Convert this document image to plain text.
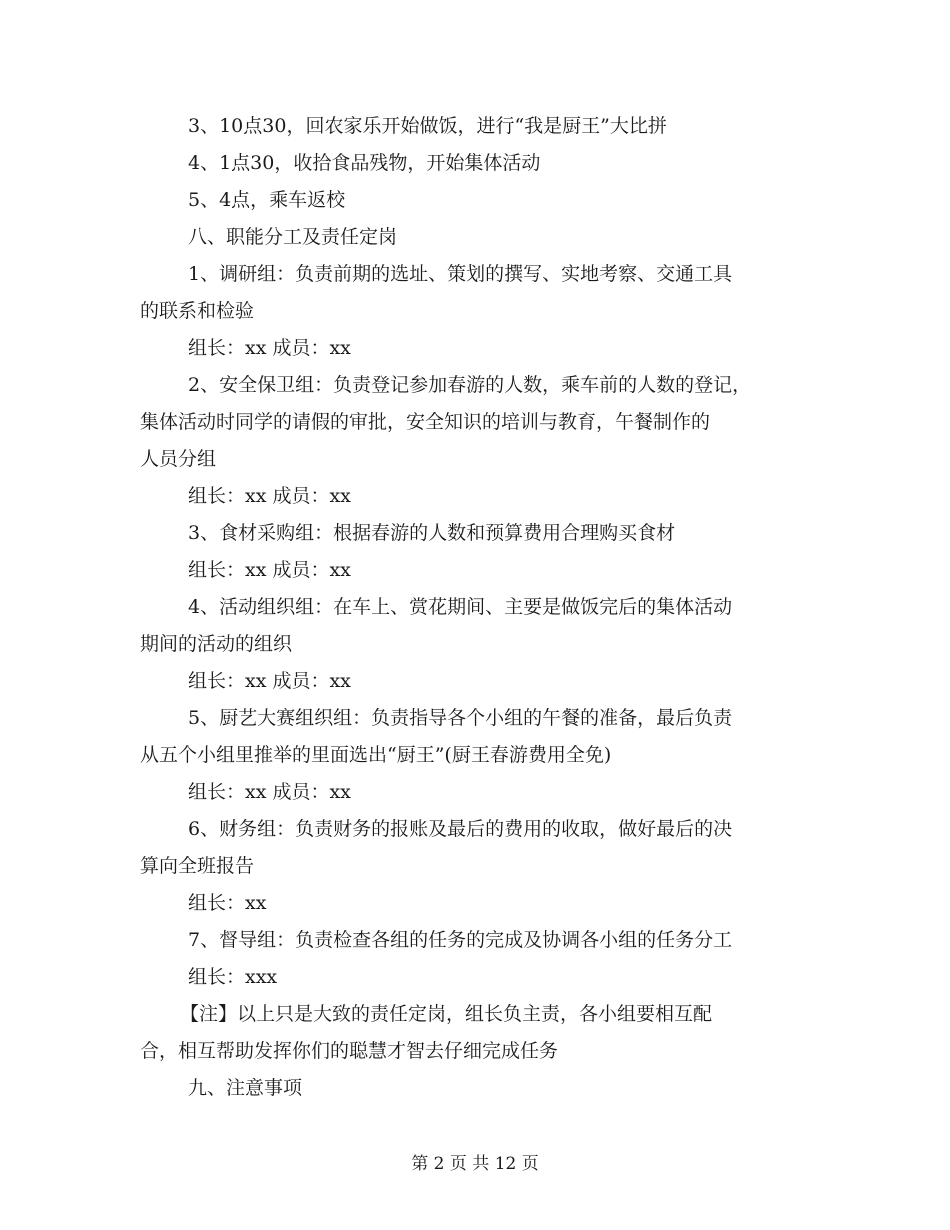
3、10点30，回农家乐开始做饭，进行“我是厨王”大比拼
4、1点30，收拾食品残物，开始集体活动
5、4点，乘车返校
八、职能分工及责任定岗
1、调研组：负责前期的选址、策划的撰写、实地考察、交通工具
的联系和检验
组长：xx 成员：xx
2、安全保卫组：负责登记参加春游的人数，乘车前的人数的登记，
集体活动时同学的请假的审批，安全知识的培训与教育，午餐制作的
人员分组
组长：xx 成员：xx
3、食材采购组：根据春游的人数和预算费用合理购买食材
组长：xx 成员：xx
4、活动组织组：在车上、赏花期间、主要是做饭完后的集体活动
期间的活动的组织
组长：xx 成员：xx
5、厨艺大赛组织组：负责指导各个小组的午餐的准备，最后负责
从五个小组里推举的里面选出“厨王”(厨王春游费用全免)
组长：xx 成员：xx
6、财务组：负责财务的报账及最后的费用的收取，做好最后的决
算向全班报告
组长：xx
7、督导组：负责检查各组的任务的完成及协调各小组的任务分工
组长：xxx
【注】以上只是大致的责任定岗，组长负主责，各小组要相互配
合，相互帮助发挥你们的聪慧才智去仔细完成任务
九、注意事项
第 2 页 共 12 页
